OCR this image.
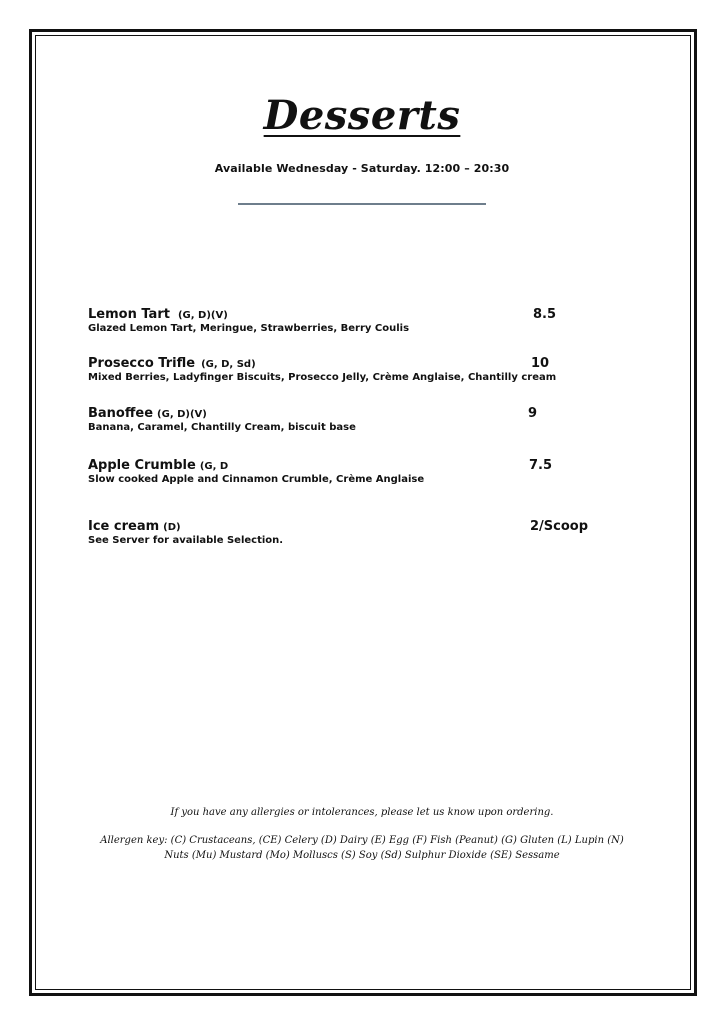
Desserts
Available Wednesday - Saturday. 12:00 – 20:30
Lemon Tart (G, D)(V)
Glazed Lemon Tart, Meringue, Strawberries, Berry Coulis
8.5
Prosecco Trifle (G, D, Sd)
Mixed Berries, Ladyfinger Biscuits, Prosecco Jelly, Crème Anglaise, Chantilly cream
10
Banoffee (G, D)(V)
Banana, Caramel, Chantilly Cream, biscuit base
9
Apple Crumble (G, D
Slow cooked Apple and Cinnamon Crumble, Crème Anglaise
7.5
Ice cream (D)
See Server for available Selection.
2/Scoop
If you have any allergies or intolerances, please let us know upon ordering.
Allergen key: (C) Crustaceans, (CE) Celery (D) Dairy (E) Egg (F) Fish (Peanut) (G) Gluten (L) Lupin (N) Nuts (Mu) Mustard (Mo) Molluscs (S) Soy (Sd) Sulphur Dioxide (SE) Sessame
